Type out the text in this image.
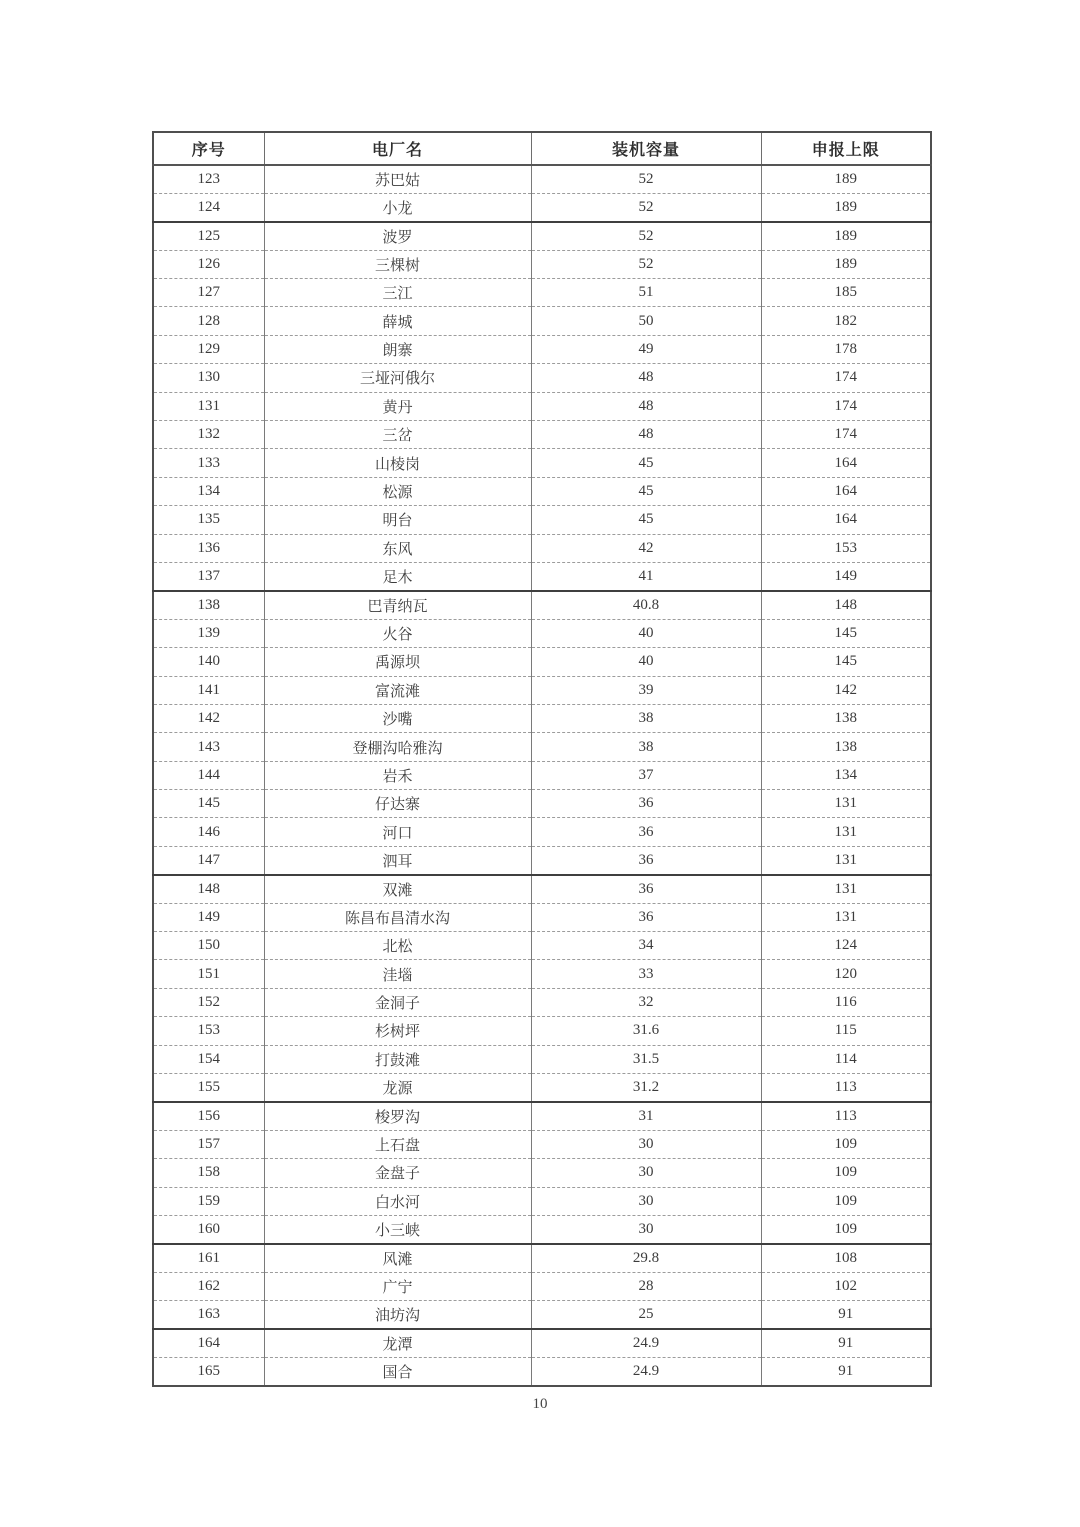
序号	电厂名	装机容量	申报上限
123	苏巴姑	52	189
124	小龙	52	189
125	波罗	52	189
126	三棵树	52	189
127	三江	51	185
128	薛城	50	182
129	朗寨	49	178
130	三垭河俄尔	48	174
131	黄丹	48	174
132	三岔	48	174
133	山棱岗	45	164
134	松源	45	164
135	明台	45	164
136	东风	42	153
137	足木	41	149
138	巴青纳瓦	40.8	148
139	火谷	40	145
140	禹源坝	40	145
141	富流滩	39	142
142	沙嘴	38	138
143	登棚沟哈雅沟	38	138
144	岩禾	37	134
145	仔达寨	36	131
146	河口	36	131
147	泗耳	36	131
148	双滩	36	131
149	陈昌布昌清水沟	36	131
150	北松	34	124
151	洼堖	33	120
152	金洞子	32	116
153	杉树坪	31.6	115
154	打鼓滩	31.5	114
155	龙源	31.2	113
156	梭罗沟	31	113
157	上石盘	30	109
158	金盘子	30	109
159	白水河	30	109
160	小三峡	30	109
161	风滩	29.8	108
162	广宁	28	102
163	油坊沟	25	91
164	龙潭	24.9	91
165	国合	24.9	91
10
